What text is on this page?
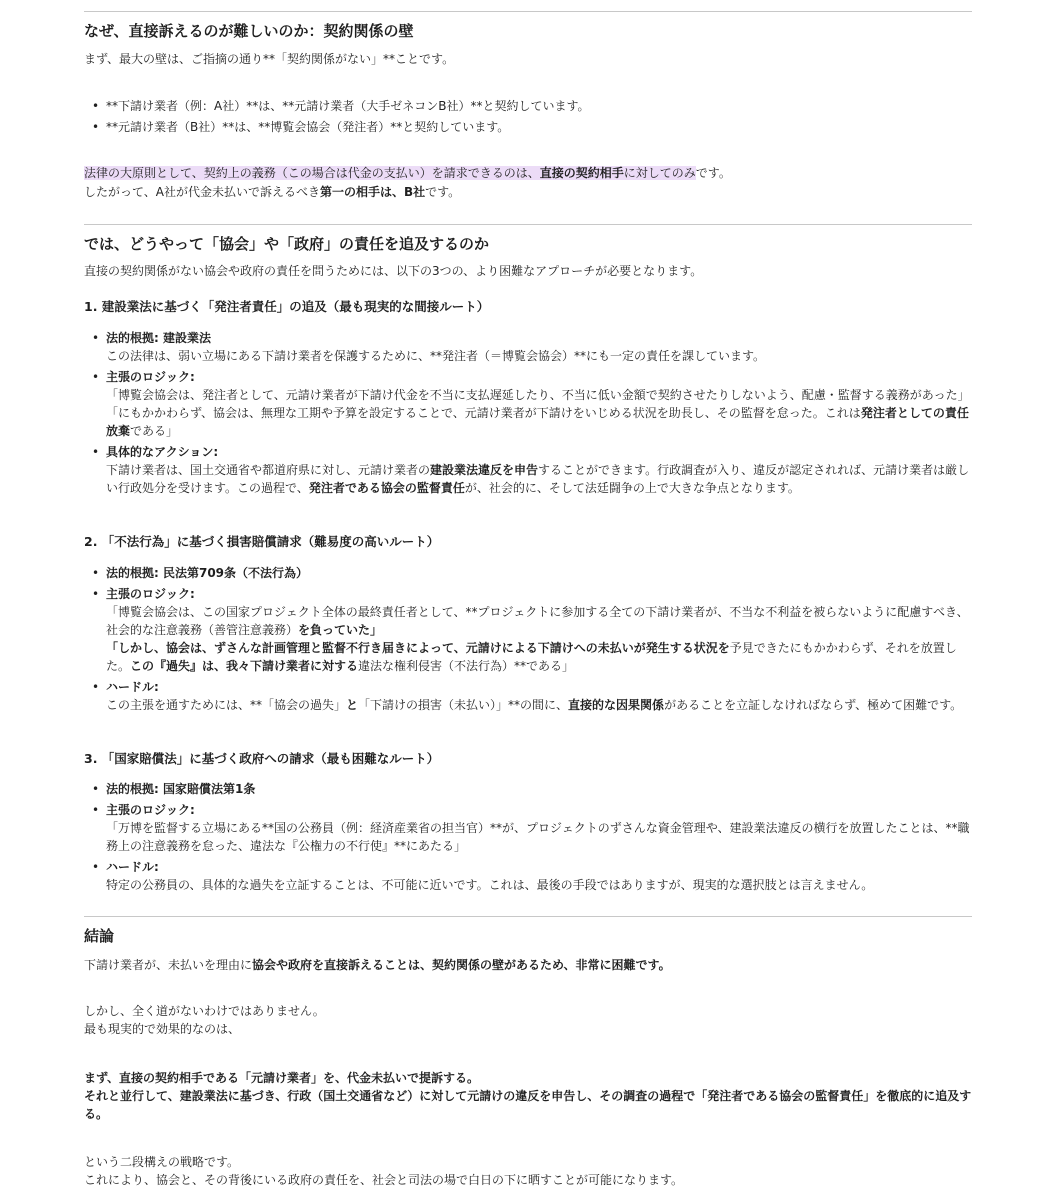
なぜ、直接訴えるのが難しいのか：契約関係の壁
まず、最大の壁は、ご指摘の通り**「契約関係がない」**ことです。
• **下請け業者（例：A社）**は、**元請け業者（大手ゼネコンB社）**と契約しています。
• **元請け業者（B社）**は、**博覧会協会（発注者）**と契約しています。
法律の大原則として、契約上の義務（この場合は代金の支払い）を請求できるのは、直接の契約相手に対してのみです。
したがって、A社が代金未払いで訴えるべき第一の相手は、B社です。
では、どうやって「協会」や「政府」の責任を追及するのか
直接の契約関係がない協会や政府の責任を問うためには、以下の3つの、より困難なアプローチが必要となります。
1. 建設業法に基づく「発注者責任」の追及（最も現実的な間接ルート）
• 法的根拠: 建設業法
この法律は、弱い立場にある下請け業者を保護するために、**発注者（＝博覧会協会）**にも一定の責任を課しています。
• 主張のロジック:
「博覧会協会は、発注者として、元請け業者が下請け代金を不当に支払遅延したり、不当に低い金額で契約させたりしないよう、配慮・監督する義務があった」
「にもかかわらず、協会は、無理な工期や予算を設定することで、元請け業者が下請けをいじめる状況を助長し、その監督を怠った。これは発注者としての責任放棄である」
• 具体的なアクション:
下請け業者は、国土交通省や都道府県に対し、元請け業者の建設業法違反を申告することができます。行政調査が入り、違反が認定されれば、元請け業者は厳しい行政処分を受けます。この過程で、発注者である協会の監督責任が、社会的に、そして法廷闘争の上で大きな争点となります。
2. 「不法行為」に基づく損害賠償請求（難易度の高いルート）
• 法的根拠: 民法第709条（不法行為）
• 主張のロジック:
「博覧会協会は、この国家プロジェクト全体の最終責任者として、**プロジェクトに参加する全ての下請け業者が、不当な不利益を被らないように配慮すべき、社会的な注意義務（善管注意義務）を負っていた」
「しかし、協会は、ずさんな計画管理と監督不行き届きによって、元請けによる下請けへの未払いが発生する状況を予見できたにもかかわらず、それを放置した。この『過失』は、我々下請け業者に対する違法な権利侵害（不法行為）**である」
• ハードル:
この主張を通すためには、**「協会の過失」と「下請けの損害（未払い）」**の間に、直接的な因果関係があることを立証しなければならず、極めて困難です。
3. 「国家賠償法」に基づく政府への請求（最も困難なルート）
• 法的根拠: 国家賠償法第1条
• 主張のロジック:
「万博を監督する立場にある**国の公務員（例：経済産業省の担当官）**が、プロジェクトのずさんな資金管理や、建設業法違反の横行を放置したことは、**職務上の注意義務を怠った、違法な『公権力の不行使』**にあたる」
• ハードル:
特定の公務員の、具体的な過失を立証することは、不可能に近いです。これは、最後の手段ではありますが、現実的な選択肢とは言えません。
結論
下請け業者が、未払いを理由に協会や政府を直接訴えることは、契約関係の壁があるため、非常に困難です。
しかし、全く道がないわけではありません。
最も現実的で効果的なのは、
まず、直接の契約相手である「元請け業者」を、代金未払いで提訴する。
それと並行して、建設業法に基づき、行政（国土交通省など）に対して元請けの違反を申告し、その調査の過程で「発注者である協会の監督責任」を徹底的に追及する。
という二段構えの戦略です。
これにより、協会と、その背後にいる政府の責任を、社会と司法の場で白日の下に晒すことが可能になります。
